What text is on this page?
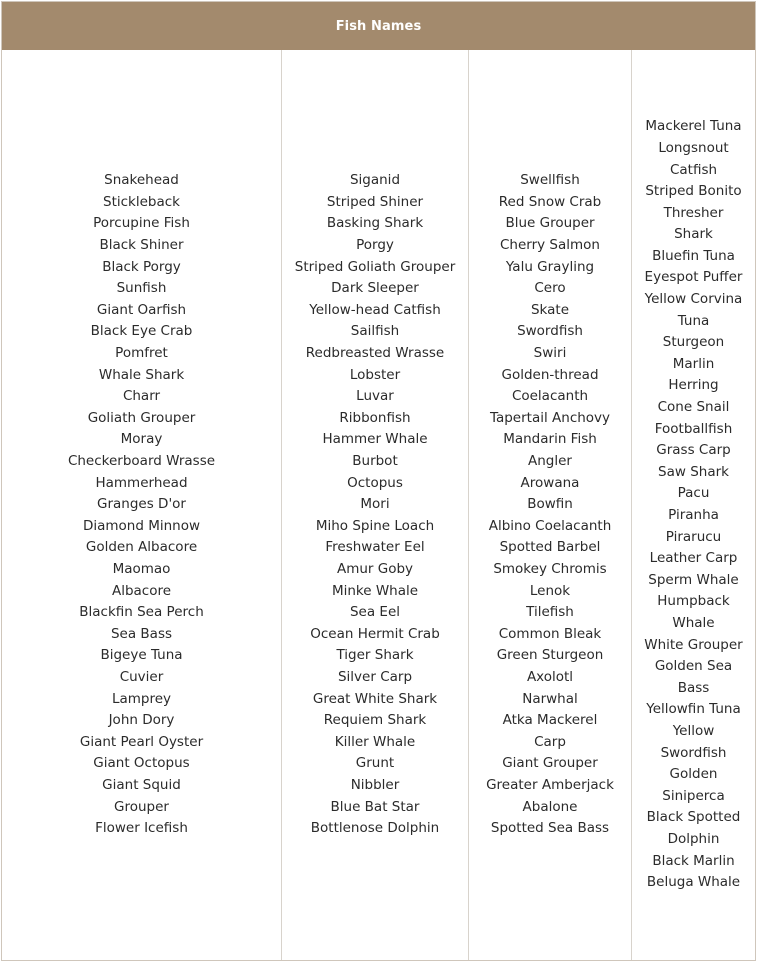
Fish Names
Snakehead
Stickleback
Porcupine Fish
Black Shiner
Black Porgy
Sunfish
Giant Oarfish
Black Eye Crab
Pomfret
Whale Shark
Charr
Goliath Grouper
Moray
Checkerboard Wrasse
Hammerhead
Granges D'or
Diamond Minnow
Golden Albacore
Maomao
Albacore
Blackfin Sea Perch
Sea Bass
Bigeye Tuna
Cuvier
Lamprey
John Dory
Giant Pearl Oyster
Giant Octopus
Giant Squid
Grouper
Flower Icefish
Siganid
Striped Shiner
Basking Shark
Porgy
Striped Goliath Grouper
Dark Sleeper
Yellow-head Catfish
Sailfish
Redbreasted Wrasse
Lobster
Luvar
Ribbonfish
Hammer Whale
Burbot
Octopus
Mori
Miho Spine Loach
Freshwater Eel
Amur Goby
Minke Whale
Sea Eel
Ocean Hermit Crab
Tiger Shark
Silver Carp
Great White Shark
Requiem Shark
Killer Whale
Grunt
Nibbler
Blue Bat Star
Bottlenose Dolphin
Swellfish
Red Snow Crab
Blue Grouper
Cherry Salmon
Yalu Grayling
Cero
Skate
Swordfish
Swiri
Golden-thread
Coelacanth
Tapertail Anchovy
Mandarin Fish
Angler
Arowana
Bowfin
Albino Coelacanth
Spotted Barbel
Smokey Chromis
Lenok
Tilefish
Common Bleak
Green Sturgeon
Axolotl
Narwhal
Atka Mackerel
Carp
Giant Grouper
Greater Amberjack
Abalone
Spotted Sea Bass
Mackerel Tuna
Longsnout Catfish
Striped Bonito
Thresher Shark
Bluefin Tuna
Eyespot Puffer
Yellow Corvina
Tuna
Sturgeon
Marlin
Herring
Cone Snail
Footballfish
Grass Carp
Saw Shark
Pacu
Piranha
Pirarucu
Leather Carp
Sperm Whale
Humpback Whale
White Grouper
Golden Sea Bass
Yellowfin Tuna
Yellow Swordfish
Golden Siniperca
Black Spotted Dolphin
Black Marlin
Beluga Whale
